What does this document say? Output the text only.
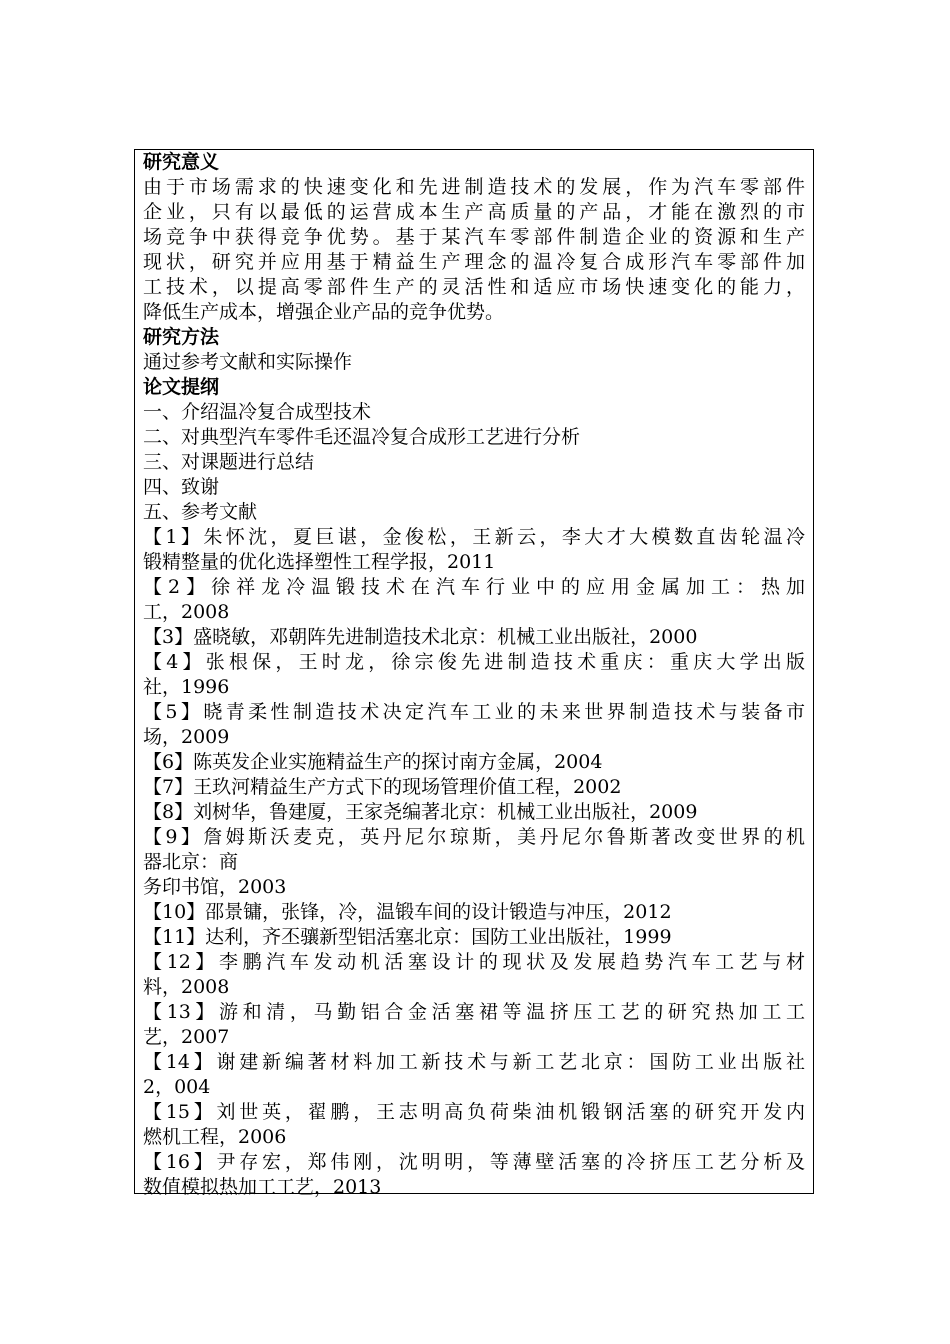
研究意义
由于市场需求的快速变化和先进制造技术的发展，作为汽车零部件
企业，只有以最低的运营成本生产高质量的产品，才能在激烈的市
场竞争中获得竞争优势。基于某汽车零部件制造企业的资源和生产
现状，研究并应用基于精益生产理念的温冷复合成形汽车零部件加
工技术，以提高零部件生产的灵活性和适应市场快速变化的能力，
降低生产成本，增强企业产品的竞争优势。
研究方法
通过参考文献和实际操作
论文提纲
一、介绍温冷复合成型技术
二、对典型汽车零件毛还温冷复合成形工艺进行分析
三、对课题进行总结
四、致谢
五、参考文献
【1】朱怀沈，夏巨谌，金俊松，王新云，李大才大模数直齿轮温冷
锻精整量的优化选择塑性工程学报，2011
【2】徐祥龙冷温锻技术在汽车行业中的应用金属加工：热加
工，2008
【3】盛晓敏，邓朝阵先进制造技术北京：机械工业出版社，2000
【4】张根保，王时龙，徐宗俊先进制造技术重庆：重庆大学出版
社，1996
【5】晓青柔性制造技术决定汽车工业的未来世界制造技术与装备市
场，2009
【6】陈英发企业实施精益生产的探讨南方金属，2004
【7】王玖河精益生产方式下的现场管理价值工程，2002
【8】刘树华，鲁建厦，王家尧编著北京：机械工业出版社，2009
【9】詹姆斯沃麦克，英丹尼尔琼斯，美丹尼尔鲁斯著改变世界的机
器北京：商
务印书馆，2003
【10】邵景镛，张锋，冷，温锻车间的设计锻造与冲压，2012
【11】达利，齐丕骧新型铝活塞北京：国防工业出版社，1999
【12】李鹏汽车发动机活塞设计的现状及发展趋势汽车工艺与材
料，2008
【13】游和清，马勤铝合金活塞裙等温挤压工艺的研究热加工工
艺，2007
【14】谢建新编著材料加工新技术与新工艺北京：国防工业出版社
2，004
【15】刘世英，翟鹏，王志明高负荷柴油机锻钢活塞的研究开发内
燃机工程，2006
【16】尹存宏，郑伟刚，沈明明，等薄壁活塞的冷挤压工艺分析及
数值模拟热加工工艺，2013
